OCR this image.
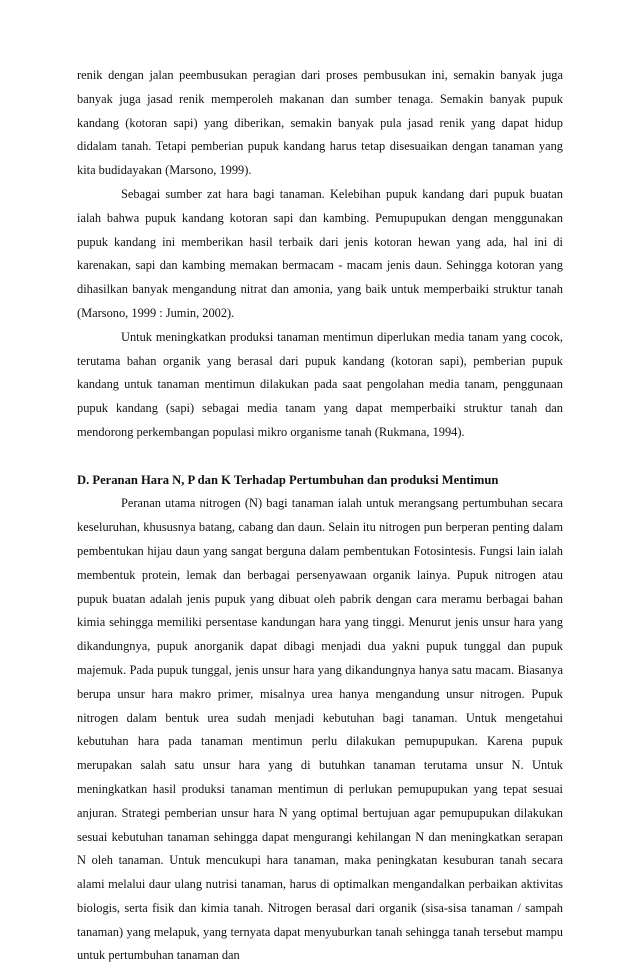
renik dengan jalan peembusukan peragian dari proses pembusukan ini, semakin banyak juga banyak juga jasad renik memperoleh makanan dan sumber tenaga. Semakin banyak pupuk kandang (kotoran sapi) yang diberikan, semakin banyak pula jasad renik yang dapat hidup didalam tanah. Tetapi pemberian pupuk kandang harus tetap disesuaikan dengan tanaman yang kita budidayakan (Marsono, 1999).

Sebagai sumber zat hara bagi tanaman. Kelebihan pupuk kandang dari pupuk buatan ialah bahwa pupuk kandang kotoran sapi dan kambing. Pemupupukan dengan menggunakan pupuk kandang ini memberikan hasil terbaik dari jenis kotoran hewan yang ada, hal ini di karenakan, sapi dan kambing memakan bermacam - macam jenis daun. Sehingga kotoran yang dihasilkan banyak mengandung nitrat dan amonia, yang baik untuk memperbaiki struktur tanah (Marsono, 1999 : Jumin, 2002).

Untuk meningkatkan produksi tanaman mentimun diperlukan media tanam yang cocok, terutama bahan organik yang berasal dari pupuk kandang (kotoran sapi), pemberian pupuk kandang untuk tanaman mentimun dilakukan pada saat pengolahan media tanam, penggunaan pupuk kandang (sapi) sebagai media tanam yang dapat memperbaiki struktur tanah dan mendorong perkembangan populasi mikro organisme tanah (Rukmana, 1994).

D. Peranan Hara N, P dan K Terhadap Pertumbuhan dan produksi Mentimun

Peranan utama nitrogen (N) bagi tanaman ialah untuk merangsang pertumbuhan secara keseluruhan, khususnya batang, cabang dan daun. Selain itu nitrogen pun berperan penting dalam pembentukan hijau daun yang sangat berguna dalam pembentukan Fotosintesis. Fungsi lain ialah membentuk protein, lemak dan berbagai persenyawaan organik lainya. Pupuk nitrogen atau pupuk buatan adalah jenis pupuk yang dibuat oleh pabrik dengan cara meramu berbagai bahan kimia sehingga memiliki persentase kandungan hara yang tinggi. Menurut jenis unsur hara yang dikandungnya, pupuk anorganik dapat dibagi menjadi dua yakni pupuk tunggal dan pupuk majemuk. Pada pupuk tunggal, jenis unsur hara yang dikandungnya hanya satu macam. Biasanya berupa unsur hara makro primer, misalnya urea hanya mengandung unsur nitrogen. Pupuk nitrogen dalam bentuk urea sudah menjadi kebutuhan bagi tanaman. Untuk mengetahui kebutuhan hara pada tanaman mentimun perlu dilakukan pemupupukan. Karena pupuk merupakan salah satu unsur hara yang di butuhkan tanaman terutama unsur N. Untuk meningkatkan hasil produksi tanaman mentimun di perlukan pemupupukan yang tepat sesuai anjuran. Strategi pemberian unsur hara N yang optimal bertujuan agar pemupupukan dilakukan sesuai kebutuhan tanaman sehingga dapat mengurangi kehilangan N dan meningkatkan serapan N oleh tanaman. Untuk mencukupi hara tanaman, maka peningkatan kesuburan tanah secara alami melalui daur ulang nutrisi tanaman, harus di optimalkan mengandalkan perbaikan aktivitas biologis, serta fisik dan kimia tanah. Nitrogen berasal dari organik (sisa-sisa tanaman / sampah tanaman) yang melapuk, yang ternyata dapat menyuburkan tanah sehingga tanah tersebut mampu untuk pertumbuhan tanaman dan
